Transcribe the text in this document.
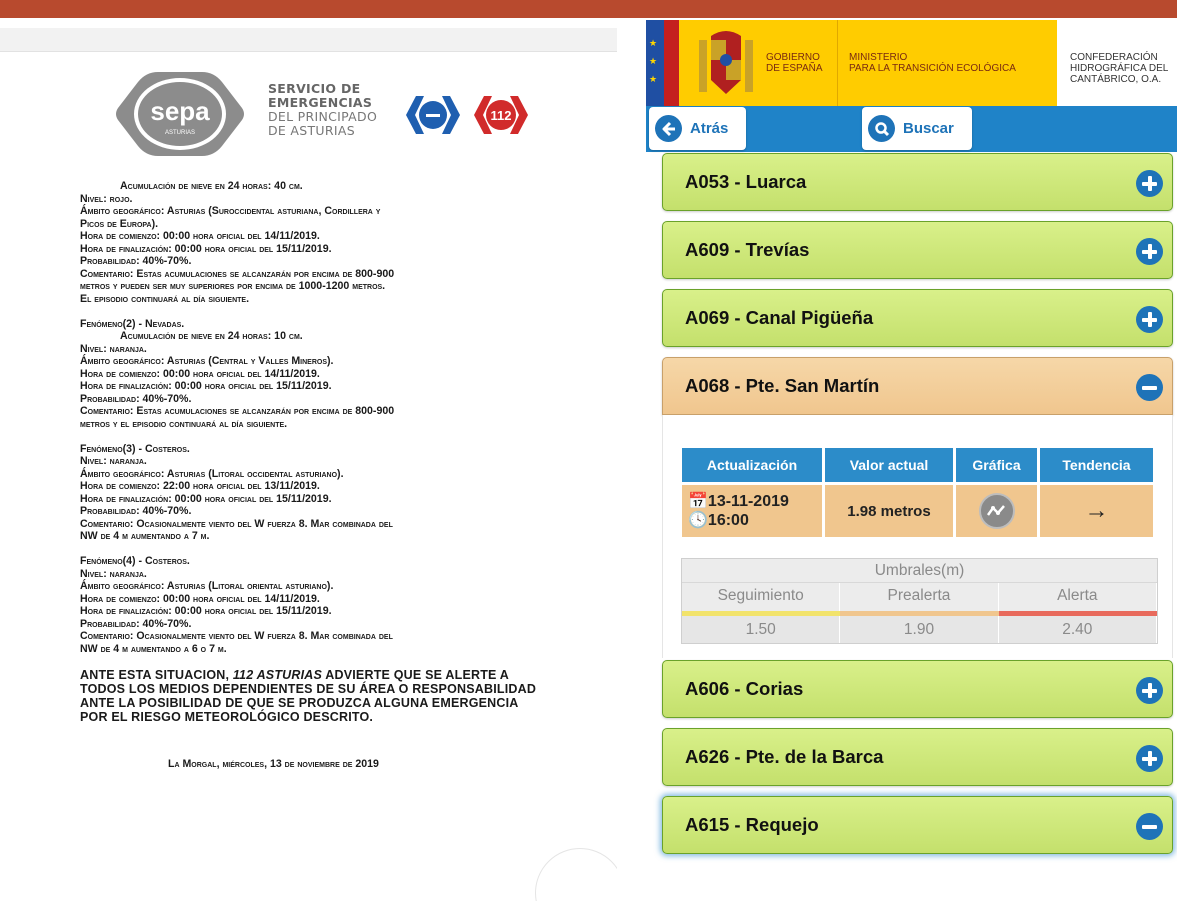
sepa
ASTURIAS
SERVICIO DE
EMERGENCIAS
DEL PRINCIPADO
DE ASTURIAS
112
Acumulación de nieve en 24 horas: 40 cm.
Nivel: rojo.
Ámbito geográfico: Asturias (Suroccidental asturiana, Cordillera y
Picos de Europa).
Hora de comienzo: 00:00 hora oficial del 14/11/2019.
Hora de finalización: 00:00 hora oficial del 15/11/2019.
Probabilidad: 40%-70%.
Comentario: Estas acumulaciones se alcanzarán por encima de 800-900
metros y pueden ser muy superiores por encima de 1000-1200 metros.
El episodio continuará al día siguiente.
Fenómeno(2) - Nevadas.
Acumulación de nieve en 24 horas: 10 cm.
Nivel: naranja.
Ámbito geográfico: Asturias (Central y Valles Mineros).
Hora de comienzo: 00:00 hora oficial del 14/11/2019.
Hora de finalización: 00:00 hora oficial del 15/11/2019.
Probabilidad: 40%-70%.
Comentario: Estas acumulaciones se alcanzarán por encima de 800-900
metros y el episodio continuará al día siguiente.
Fenómeno(3) - Costeros.
Nivel: naranja.
Ámbito geográfico: Asturias (Litoral occidental asturiano).
Hora de comienzo: 22:00 hora oficial del 13/11/2019.
Hora de finalización: 00:00 hora oficial del 15/11/2019.
Probabilidad: 40%-70%.
Comentario: Ocasionalmente viento del W fuerza 8. Mar combinada del
NW de 4 m aumentando a 7 m.
Fenómeno(4) - Costeros.
Nivel: naranja.
Ámbito geográfico: Asturias (Litoral oriental asturiano).
Hora de comienzo: 00:00 hora oficial del 14/11/2019.
Hora de finalización: 00:00 hora oficial del 15/11/2019.
Probabilidad: 40%-70%.
Comentario: Ocasionalmente viento del W fuerza 8. Mar combinada del
NW de 4 m aumentando a 6 o 7 m.
ANTE ESTA SITUACION, 112 ASTURIAS ADVIERTE QUE SE ALERTE A
TODOS LOS MEDIOS DEPENDIENTES DE SU ÁREA O RESPONSABILIDAD
ANTE LA POSIBILIDAD DE QUE SE PRODUZCA ALGUNA EMERGENCIA
POR EL RIESGO METEOROLÓGICO DESCRITO.
La Morgal, miércoles, 13 de noviembre de 2019
★
★
★
GOBIERNO
DE ESPAÑA
MINISTERIO
PARA LA TRANSICIÓN ECOLÓGICA
CONFEDERACIÓN
HIDROGRÁFICA DEL
CANTÁBRICO, O.A.
Atrás	Buscar
A053 - Luarca
A609 - Trevías
A069 - Canal Pigüeña
A068 - Pte. San Martín
Actualización	Valor actual	Gráfica	Tendencia

📅13-11-2019
🕓16:00	1.98 metros		→
Umbrales(m)
Seguimiento	Prealerta	Alerta
1.50	1.90	2.40
A606 - Corias
A626 - Pte. de la Barca
A615 - Requejo
